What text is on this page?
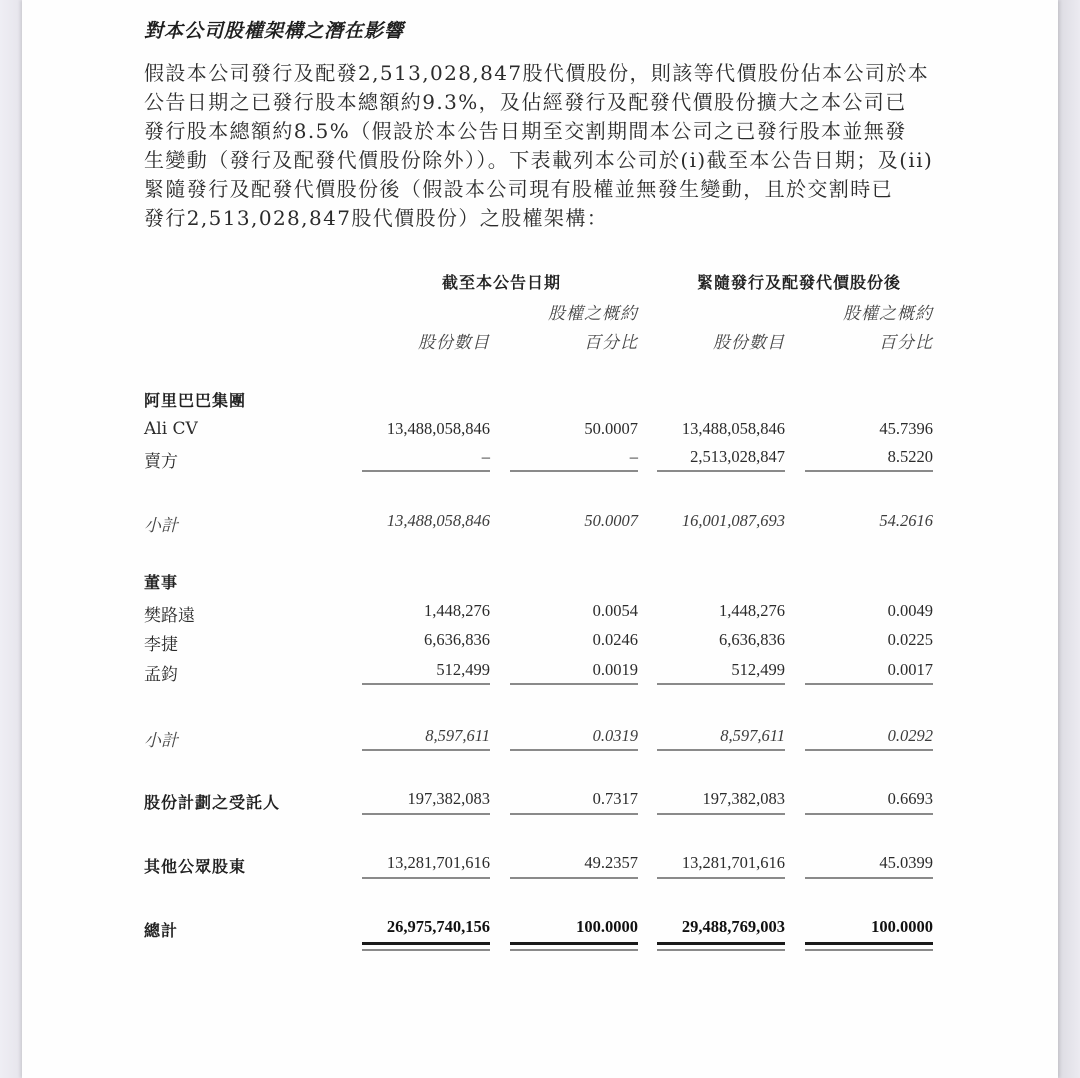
對本公司股權架構之潛在影響
假設本公司發行及配發2,513,028,847股代價股份，則該等代價股份佔本公司於本
公告日期之已發行股本總額約9.3%，及佔經發行及配發代價股份擴大之本公司已
發行股本總額約8.5%（假設於本公告日期至交割期間本公司之已發行股本並無發
生變動（發行及配發代價股份除外））。下表載列本公司於(i)截至本公告日期；及(ii)
緊隨發行及配發代價股份後（假設本公司現有股權並無發生變動，且於交割時已
發行2,513,028,847股代價股份）之股權架構：
截至本公告日期	緊隨發行及配發代價股份後
股權之概約	股權之概約
股份數目	百分比	股份數目	百分比
阿里巴巴集團
Ali CV	13,488,058,846	50.0007	13,488,058,846	45.7396
賣方	–	–	2,513,028,847	8.5220
小計	13,488,058,846	50.0007	16,001,087,693	54.2616
董事
樊路遠	1,448,276	0.0054	1,448,276	0.0049
李捷	6,636,836	0.0246	6,636,836	0.0225
孟鈞	512,499	0.0019	512,499	0.0017
小計	8,597,611	0.0319	8,597,611	0.0292
股份計劃之受託人	197,382,083	0.7317	197,382,083	0.6693
其他公眾股東	13,281,701,616	49.2357	13,281,701,616	45.0399
總計	26,975,740,156	100.0000	29,488,769,003	100.0000
